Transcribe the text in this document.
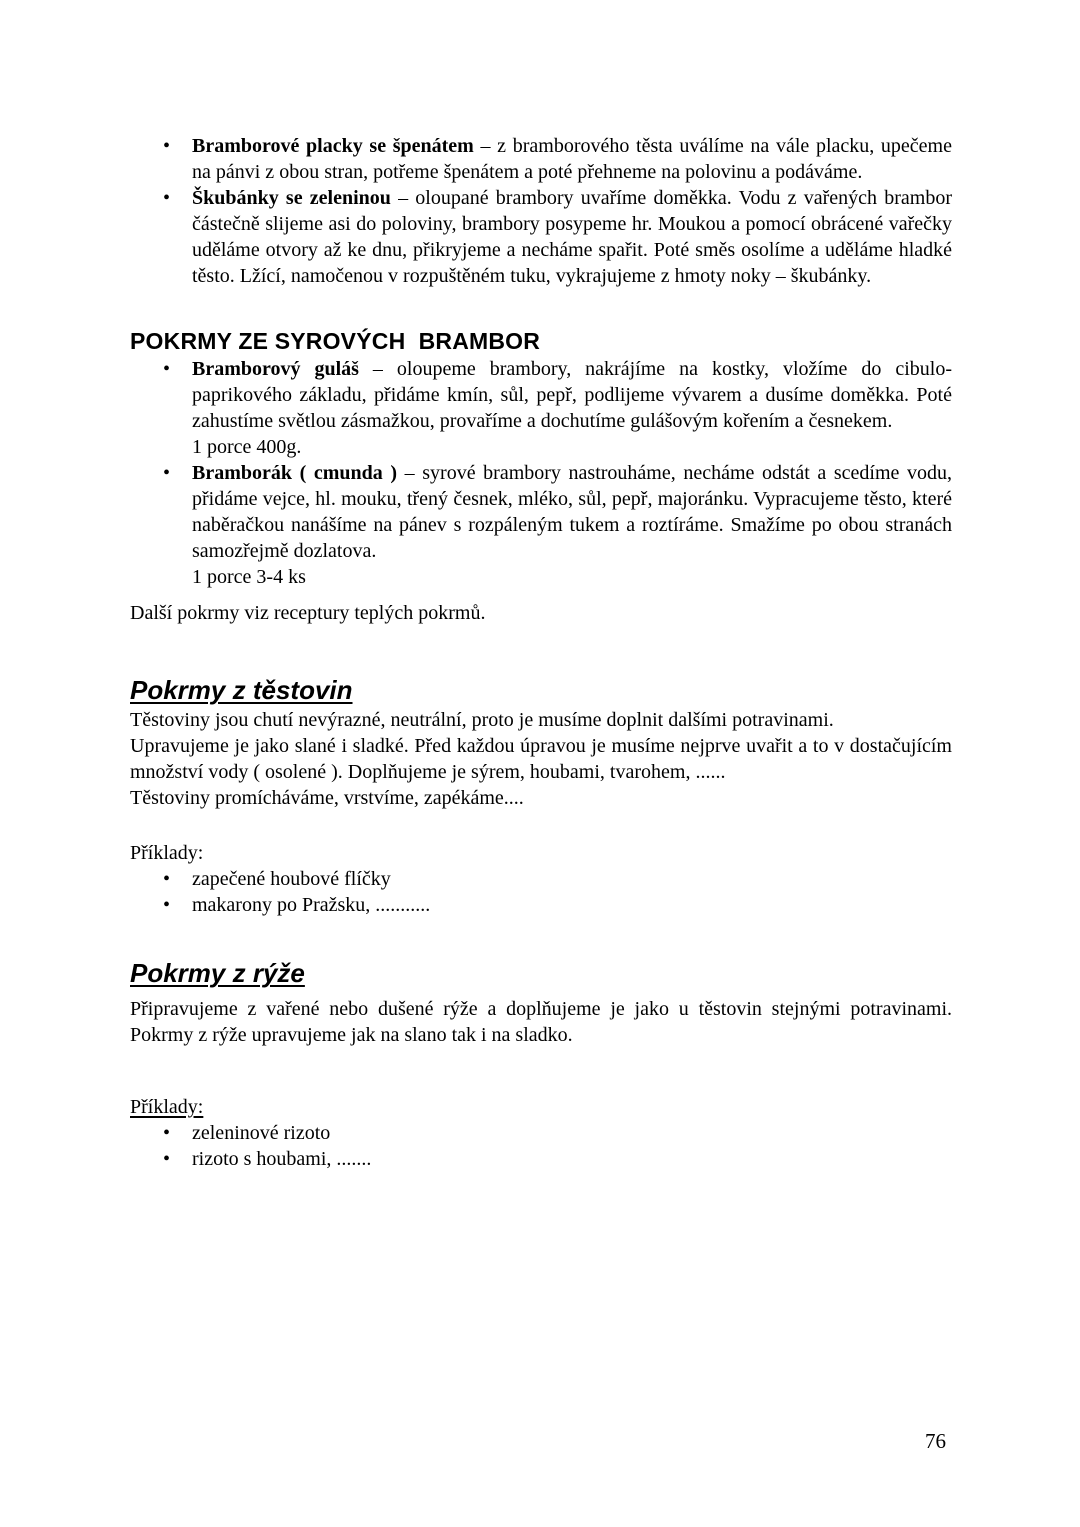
•	Bramborové placky se špenátem – z bramborového těsta uválíme na vále placku, upečeme na pánvi z obou stran, potřeme špenátem a poté přehneme na polovinu a podáváme.

•	Škubánky se zeleninou – oloupané brambory uvaříme doměkka. Vodu z vařených brambor částečně slijeme asi do poloviny, brambory posypeme hr. Moukou a pomocí obrácené vařečky uděláme otvory až ke dnu, přikryjeme a necháme spařit. Poté směs osolíme a uděláme hladké těsto. Lžící, namočenou v rozpuštěném tuku, vykrajujeme z hmoty noky – škubánky.

POKRMY ZE SYROVÝCH  BRAMBOR
•	Bramborový guláš – oloupeme brambory, nakrájíme na kostky, vložíme do cibulo-paprikového základu, přidáme kmín, sůl, pepř, podlijeme vývarem a dusíme doměkka. Poté zahustíme světlou zásmažkou, provaříme a dochutíme gulášovým kořením a česnekem.

1 porce 400g.

•	Bramborák ( cmunda ) – syrové brambory nastrouháme, necháme odstát a scedíme vodu, přidáme vejce, hl. mouku, třený česnek, mléko, sůl, pepř, majoránku. Vypracujeme těsto, které naběračkou nanášíme na pánev s rozpáleným tukem a roztíráme. Smažíme po obou stranách samozřejmě dozlatova.

1 porce 3-4 ks

Další pokrmy viz receptury teplých pokrmů.

Pokrmy z těstovin

Těstoviny jsou chutí nevýrazné, neutrální, proto je musíme doplnit dalšími potravinami.

Upravujeme je jako slané i sladké. Před každou úpravou je musíme nejprve uvařit a to v dostačujícím množství vody ( osolené ). Doplňujeme je sýrem, houbami, tvarohem, ......

Těstoviny promícháváme, vrstvíme, zapékáme....

Příklady:

•	zapečené houbové flíčky

•	makarony po Pražsku, ...........

Pokrmy z rýže

Připravujeme z vařené nebo dušené rýže a doplňujeme je jako u těstovin stejnými potravinami. Pokrmy z rýže upravujeme jak na slano tak i na sladko.

Příklady:

•	zeleninové rizoto

•	rizoto s houbami, .......

76
